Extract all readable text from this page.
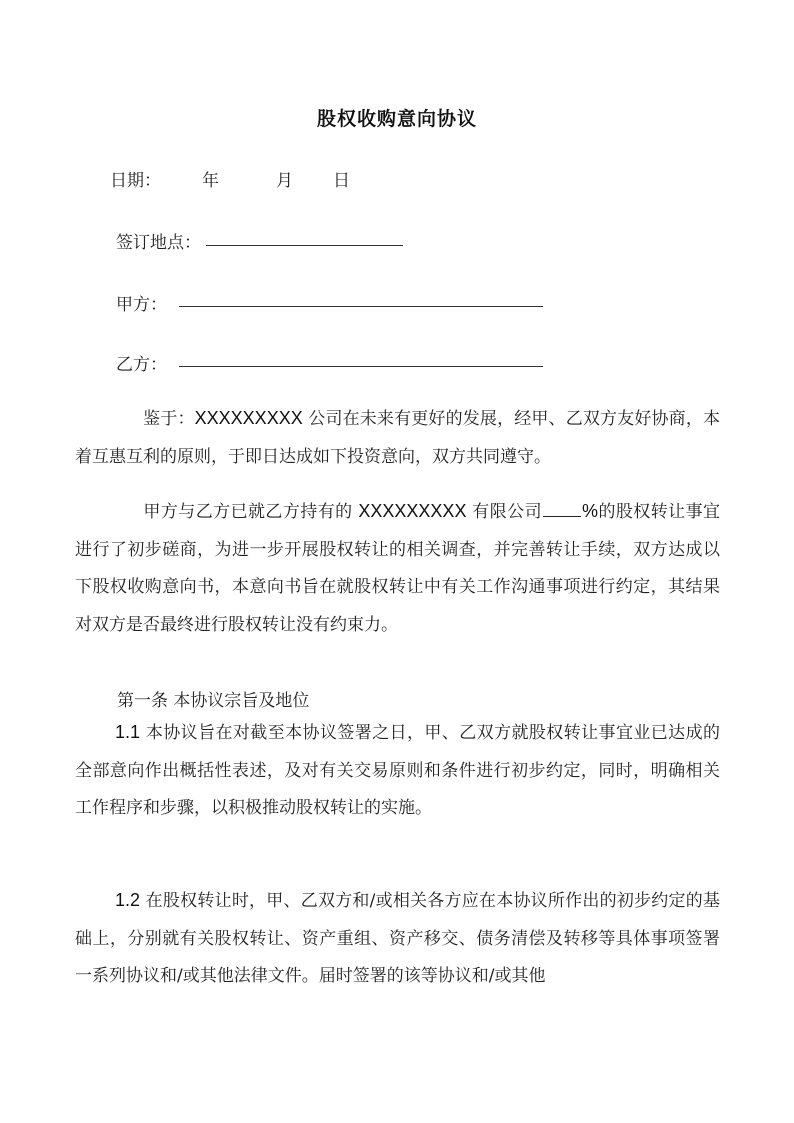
股权收购意向协议
日期： 年	月 日
签订地点：
甲方：
乙方：
鉴于：XXXXXXXXX 公司在未来有更好的发展，经甲、乙双方友好协商，本着互惠互利的原则，于即日达成如下投资意向，双方共同遵守。
甲方与乙方已就乙方持有的 XXXXXXXXX 有限公司 %的股权转让事宜进行了初步磋商，为进一步开展股权转让的相关调查，并完善转让手续，双方达成以下股权收购意向书，本意向书旨在就股权转让中有关工作沟通事项进行约定，其结果对双方是否最终进行股权转让没有约束力。
第一条 本协议宗旨及地位
1.1 本协议旨在对截至本协议签署之日，甲、乙双方就股权转让事宜业已达成的全部意向作出概括性表述，及对有关交易原则和条件进行初步约定，同时，明确相关工作程序和步骤，以积极推动股权转让的实施。
1.2 在股权转让时，甲、乙双方和/或相关各方应在本协议所作出的初步约定的基础上，分别就有关股权转让、资产重组、资产移交、债务清偿及转移等具体事项签署一系列协议和/或其他法律文件。届时签署的该等协议和/或其他
